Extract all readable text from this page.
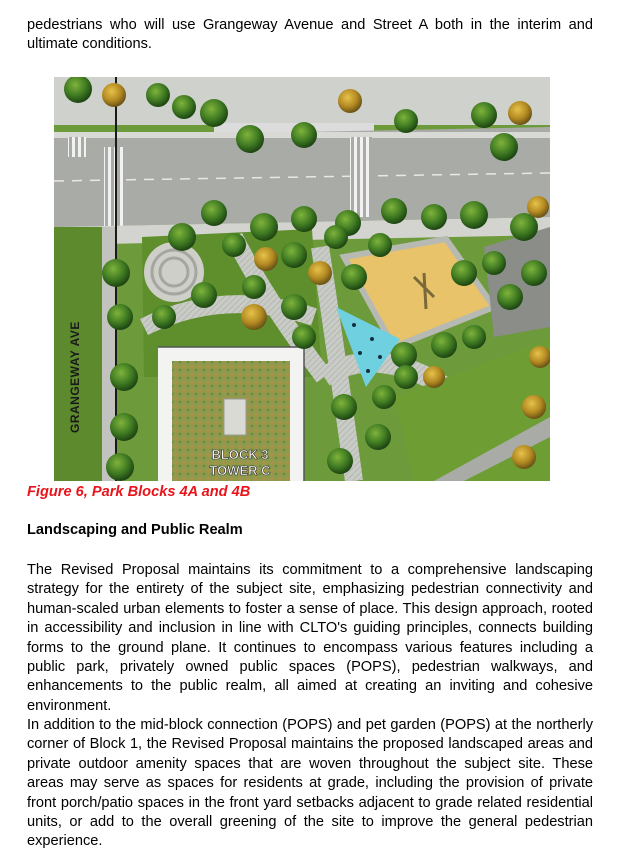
pedestrians who will use Grangeway Avenue and Street A both in the interim and ultimate conditions.

BLOCK 3
TOWER C
GRANGEWAY AVE
Figure 6, Park Blocks 4A and 4B
Landscaping and Public Realm

The Revised Proposal maintains its commitment to a comprehensive landscaping strategy for the entirety of the subject site, emphasizing pedestrian connectivity and human-scaled urban elements to foster a sense of place. This design approach, rooted in accessibility and inclusion in line with CLTO's guiding principles, connects building forms to the ground plane. It continues to encompass various features including a public park, privately owned public spaces (POPS), pedestrian walkways, and enhancements to the public realm, all aimed at creating an inviting and cohesive environment.

In addition to the mid-block connection (POPS) and pet garden (POPS) at the northerly corner of Block 1, the Revised Proposal maintains the proposed landscaped areas and private outdoor amenity spaces that are woven throughout the subject site. These areas may serve as spaces for residents at grade, including the provision of private front porch/patio spaces in the front yard setbacks adjacent to grade related residential units, or add to the overall greening of the site to improve the general pedestrian experience.
